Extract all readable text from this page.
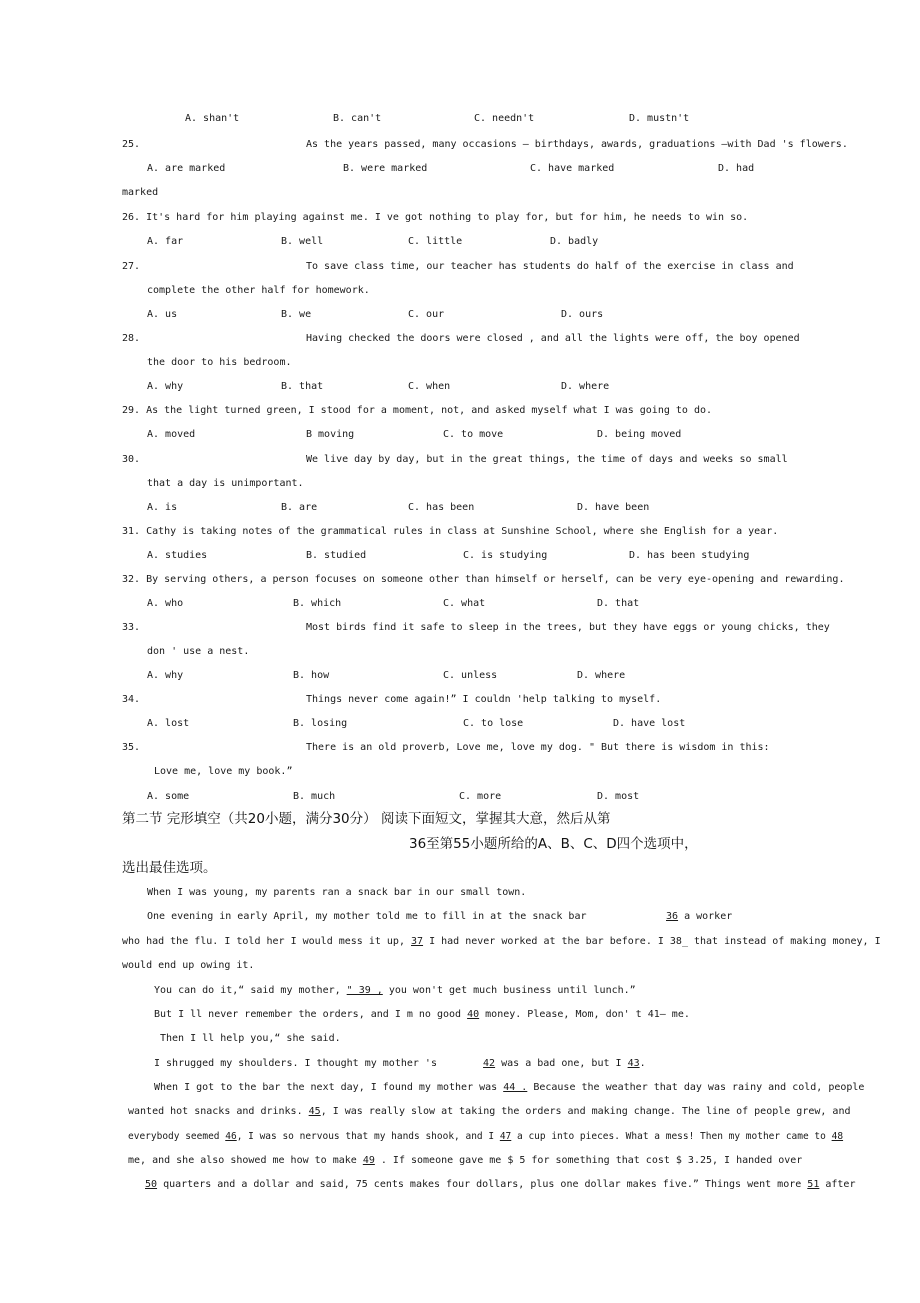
A. shan't	B. can't	C. needn't	D. mustn't
25.	As the years passed, many occasions — birthdays, awards, graduations —with Dad 's flowers.
A. are marked	B. were marked	C. have marked	D. had
marked
26. It's hard for him playing against me. I ve got nothing to play for, but for him, he needs to win so.
A. far	B. well	C. little	D. badly
27.	To save class time, our teacher has students do half of the exercise in class and
complete the other half for homework.
A. us	B. we	C. our	D. ours
28.	Having checked the doors were closed , and all the lights were off, the boy opened
the door to his bedroom.
A. why	B. that	C. when	D. where
29. As the light turned green, I stood for a moment, not, and asked myself what I was going to do.
A. moved	B moving	C. to move	D. being moved
30.	We live day by day, but in the great things, the time of days and weeks so small
that a day is unimportant.
A. is	B. are	C. has been	D. have been
31. Cathy is taking notes of the grammatical rules in class at Sunshine School, where she English for a year.
A. studies	B. studied	C. is studying	D. has been studying
32. By serving others, a person focuses on someone other than himself or herself, can be very eye-opening and rewarding.
A. who	B. which	C. what	D. that
33.	Most birds find it safe to sleep in the trees, but they have eggs or young chicks, they
don ' use a nest.
A. why	B. how	C. unless	D. where
34.	Things never come again!” I couldn 'help talking to myself.
A. lost	B. losing	C. to lose	D. have lost
35.	There is an old proverb, Love me, love my dog. " But there is wisdom in this:
Love me, love my book.”
A. some	B. much	C. more	D. most
第二节 完形填空（共20小题，满分30分） 阅读下面短文，掌握其大意，然后从第
36至第55小题所给的A、B、C、D四个选项中，
选出最佳选项。
When I was young, my parents ran a snack bar in our small town.
One evening in early April, my mother told me to fill in at the snack bar	36 a worker
who had the flu. I told her I would mess it up, 37 I had never worked at the bar before. I 38_ that instead of making money, I
would end up owing it.
You can do it,“ said my mother, " 39 , you won't get much business until lunch.”
But I ll never remember the orders, and I m no good 40 money. Please, Mom, don' t 41— me.
Then I ll help you,“ she said.
I shrugged my shoulders. I thought my mother 's	42 was a bad one, but I 43.
When I got to the bar the next day, I found my mother was 44 . Because the weather that day was rainy and cold, people
wanted hot snacks and drinks. 45, I was really slow at taking the orders and making change. The line of people grew, and
everybody seemed 46, I was so nervous that my hands shook, and I 47 a cup into pieces. What a mess! Then my mother came to 48
me, and she also showed me how to make 49 . If someone gave me $ 5 for something that cost $ 3.25, I handed over
50 quarters and a dollar and said, 75 cents makes four dollars, plus one dollar makes five.” Things went more 51 after
